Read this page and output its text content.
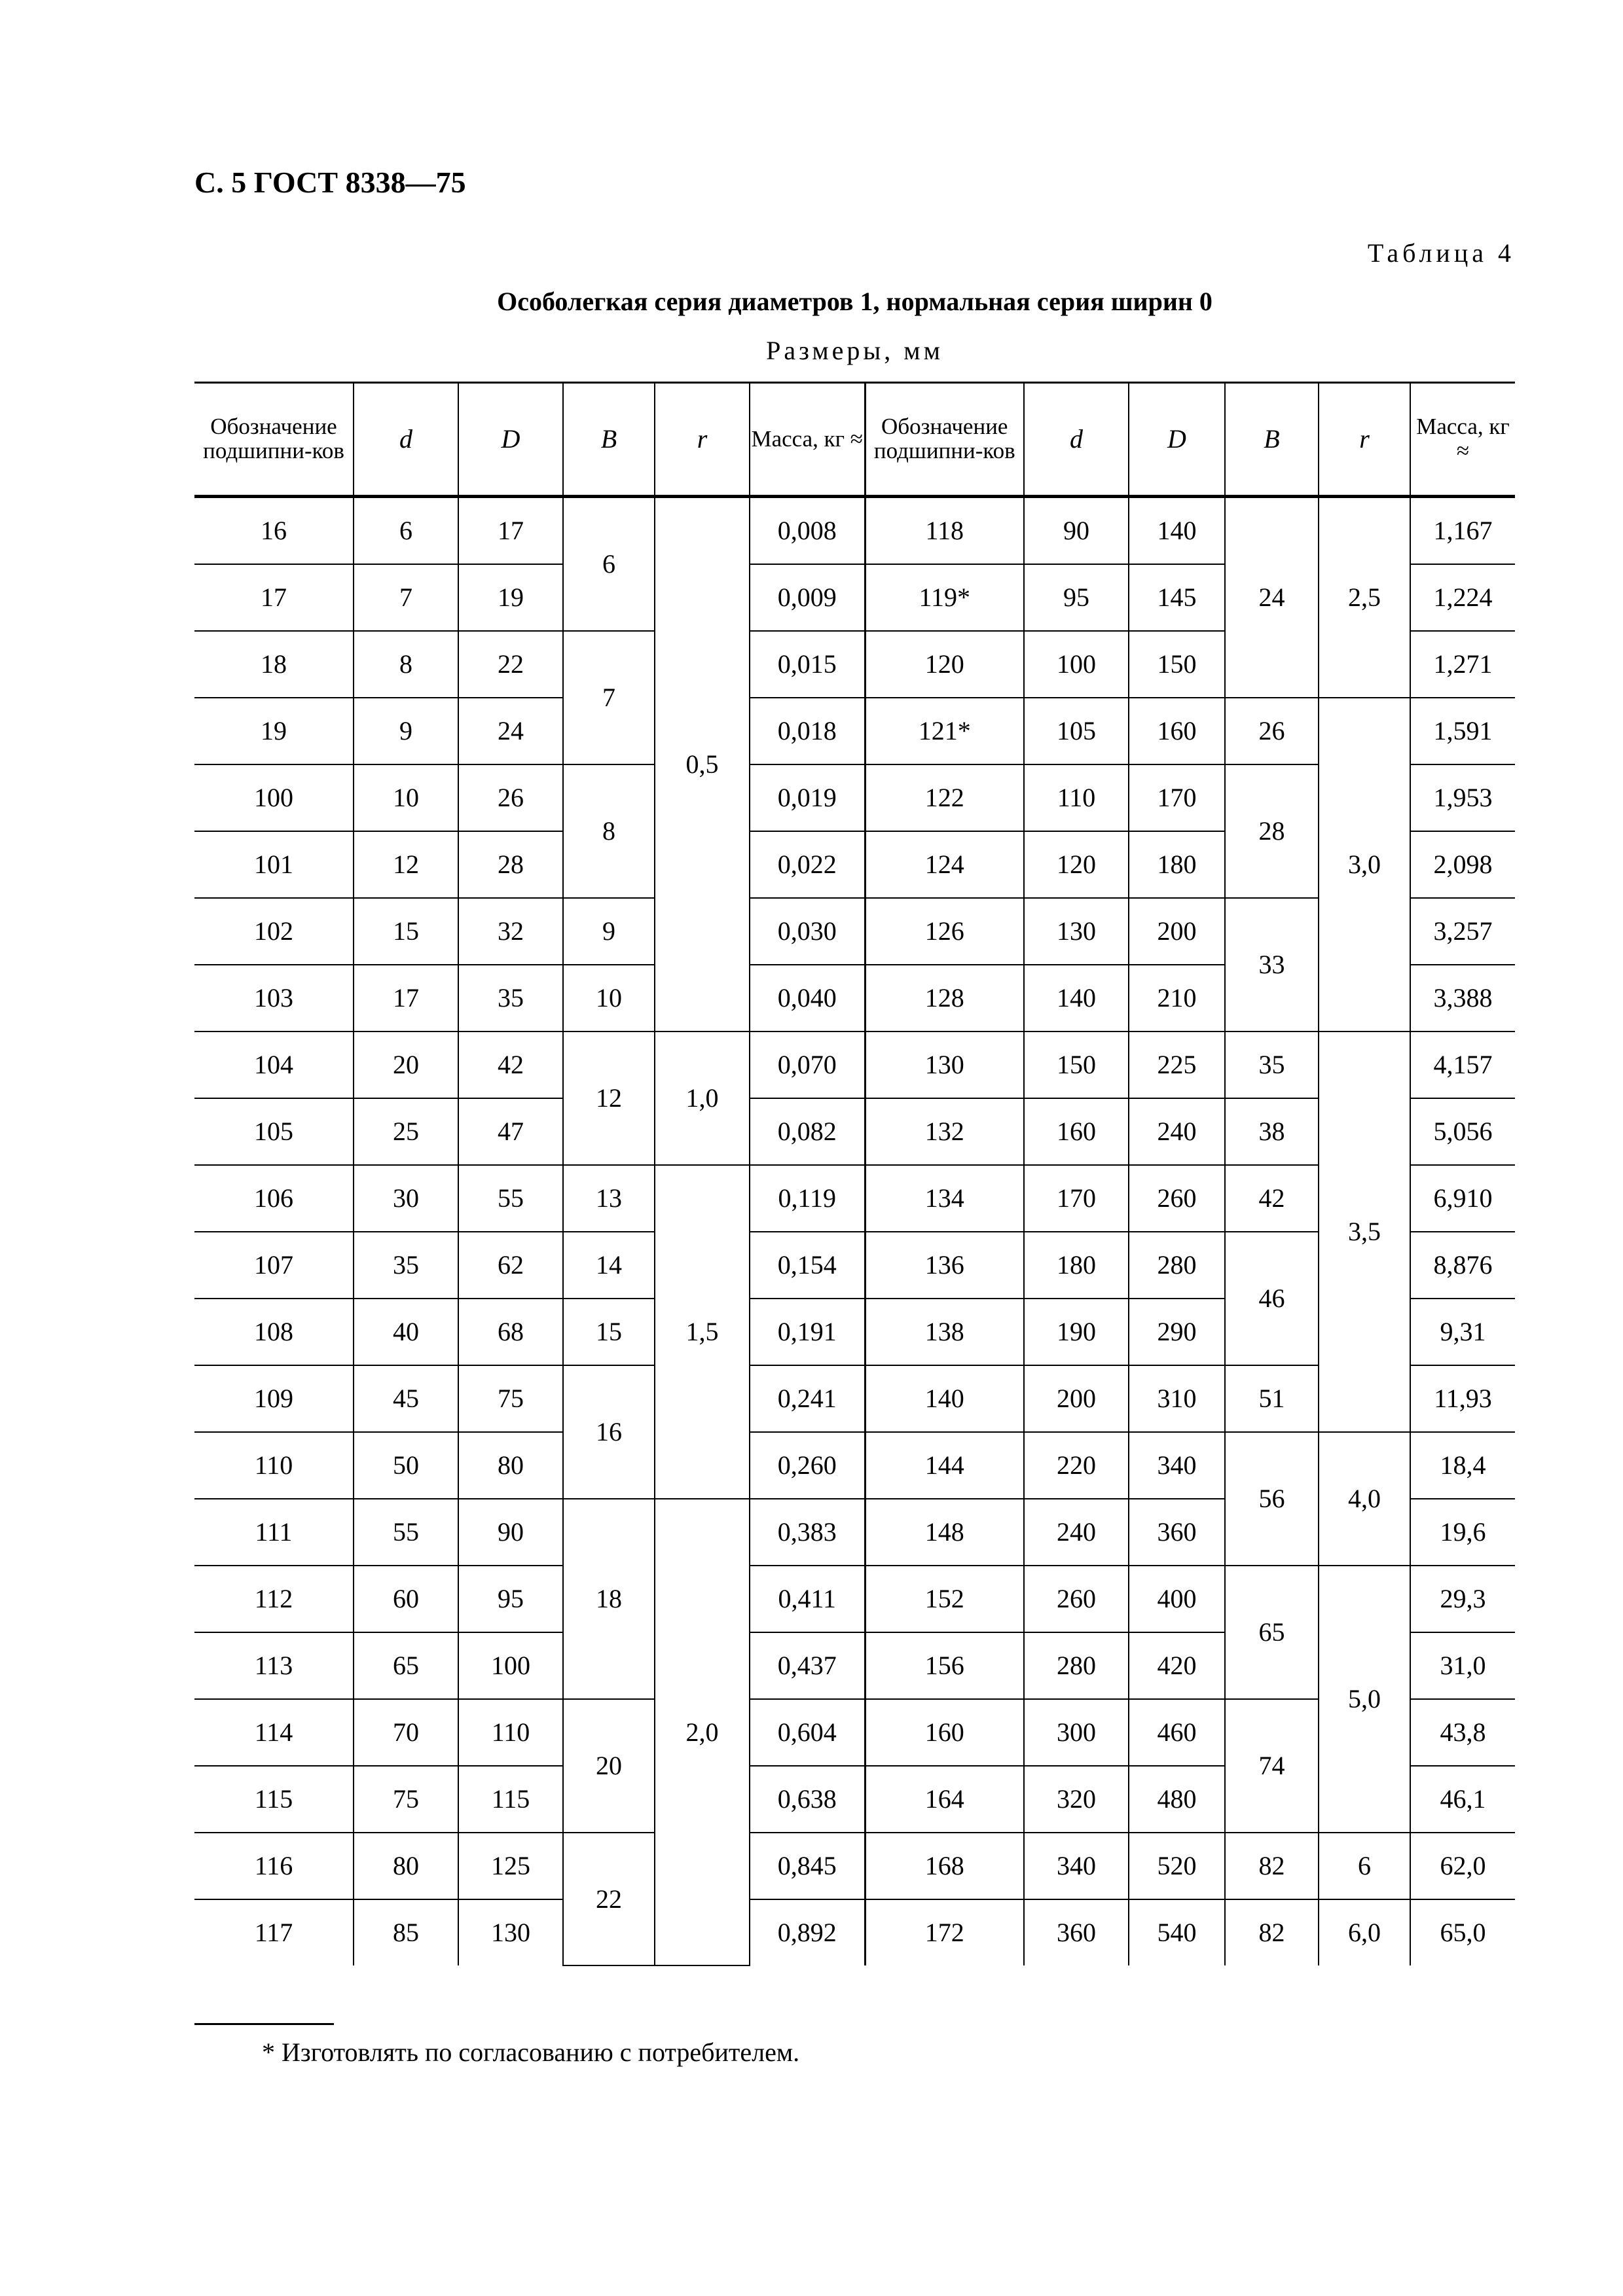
С. 5 ГОСТ 8338—75
Таблица 4
Особолегкая серия диаметров 1, нормальная серия ширин 0
Размеры, мм
Обозначение подшипни-ков	d	D	B	r	Масса, кг ≈	Обозначение подшипни-ков	d	D	B	r	Масса, кг ≈
16	6	17	6	0,5	0,008	118	90	140	24	2,5	1,167
17	7	19			0,009	119*	95	145			1,224
18	8	22	7		0,015	120	100	150			1,271
19	9	24			0,018	121*	105	160	26	3,0	1,591
100	10	26	8		0,019	122	110	170	28		1,953
101	12	28			0,022	124	120	180			2,098
102	15	32	9		0,030	126	130	200	33		3,257
103	17	35	10		0,040	128	140	210			3,388
104	20	42	12	1,0	0,070	130	150	225	35	3,5	4,157
105	25	47			0,082	132	160	240	38		5,056
106	30	55	13	1,5	0,119	134	170	260	42		6,910
107	35	62	14		0,154	136	180	280	46		8,876
108	40	68	15		0,191	138	190	290			9,31
109	45	75	16		0,241	140	200	310	51		11,93
110	50	80			0,260	144	220	340	56	4,0	18,4
111	55	90	18	2,0	0,383	148	240	360			19,6
112	60	95			0,411	152	260	400	65	5,0	29,3
113	65	100			0,437	156	280	420			31,0
114	70	110	20		0,604	160	300	460	74		43,8
115	75	115			0,638	164	320	480			46,1
116	80	125	22		0,845	168	340	520	82	6	62,0
117	85	130			0,892	172	360	540	82	6,0	65,0
* Изготовлять по согласованию с потребителем.
